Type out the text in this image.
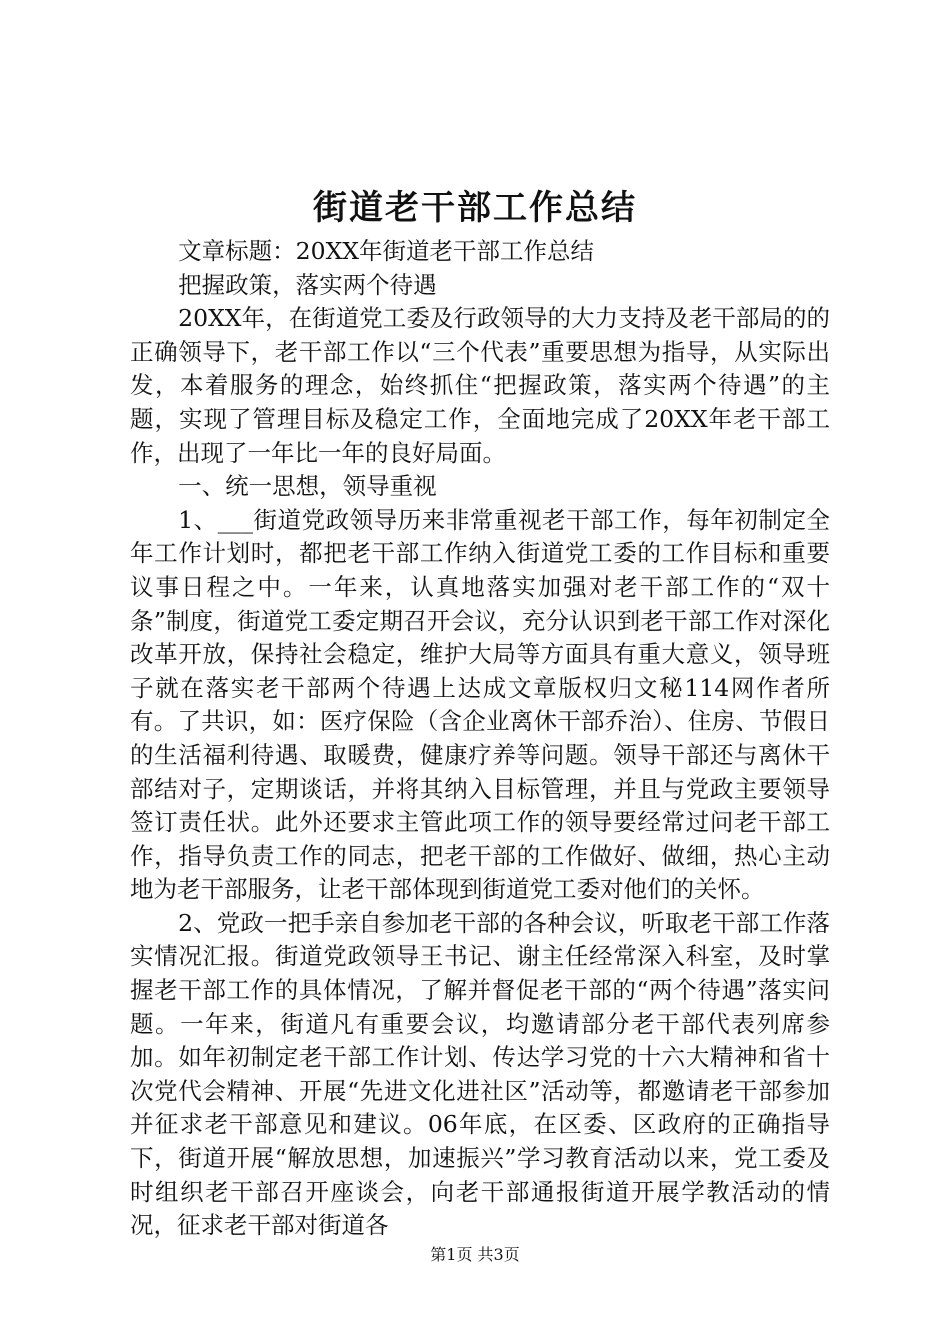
街道老干部工作总结

文章标题：20XX年街道老干部工作总结

把握政策，落实两个待遇

20XX年，在街道党工委及行政领导的大力支持及老干部局的的正确领导下，老干部工作以“三个代表”重要思想为指导，从实际出发，本着服务的理念，始终抓住“把握政策，落实两个待遇”的主题，实现了管理目标及稳定工作，全面地完成了20XX年老干部工作，出现了一年比一年的良好局面。

一、统一思想，领导重视

1、___街道党政领导历来非常重视老干部工作，每年初制定全年工作计划时，都把老干部工作纳入街道党工委的工作目标和重要议事日程之中。一年来，认真地落实加强对老干部工作的“双十条”制度，街道党工委定期召开会议，充分认识到老干部工作对深化改革开放，保持社会稳定，维护大局等方面具有重大意义，领导班子就在落实老干部两个待遇上达成文章版权归文秘114网作者所有。了共识，如：医疗保险（含企业离休干部乔治）、住房、节假日的生活福利待遇、取暖费，健康疗养等问题。领导干部还与离休干部结对子，定期谈话，并将其纳入目标管理，并且与党政主要领导签订责任状。此外还要求主管此项工作的领导要经常过问老干部工作，指导负责工作的同志，把老干部的工作做好、做细，热心主动地为老干部服务，让老干部体现到街道党工委对他们的关怀。

2、党政一把手亲自参加老干部的各种会议，听取老干部工作落实情况汇报。街道党政领导王书记、谢主任经常深入科室，及时掌握老干部工作的具体情况，了解并督促老干部的“两个待遇”落实问题。一年来，街道凡有重要会议，均邀请部分老干部代表列席参加。如年初制定老干部工作计划、传达学习党的十六大精神和省十次党代会精神、开展“先进文化进社区”活动等，都邀请老干部参加并征求老干部意见和建议。06年底，在区委、区政府的正确指导下，街道开展“解放思想，加速振兴”学习教育活动以来，党工委及时组织老干部召开座谈会，向老干部通报街道开展学教活动的情况，征求老干部对街道各

第1页 共3页
